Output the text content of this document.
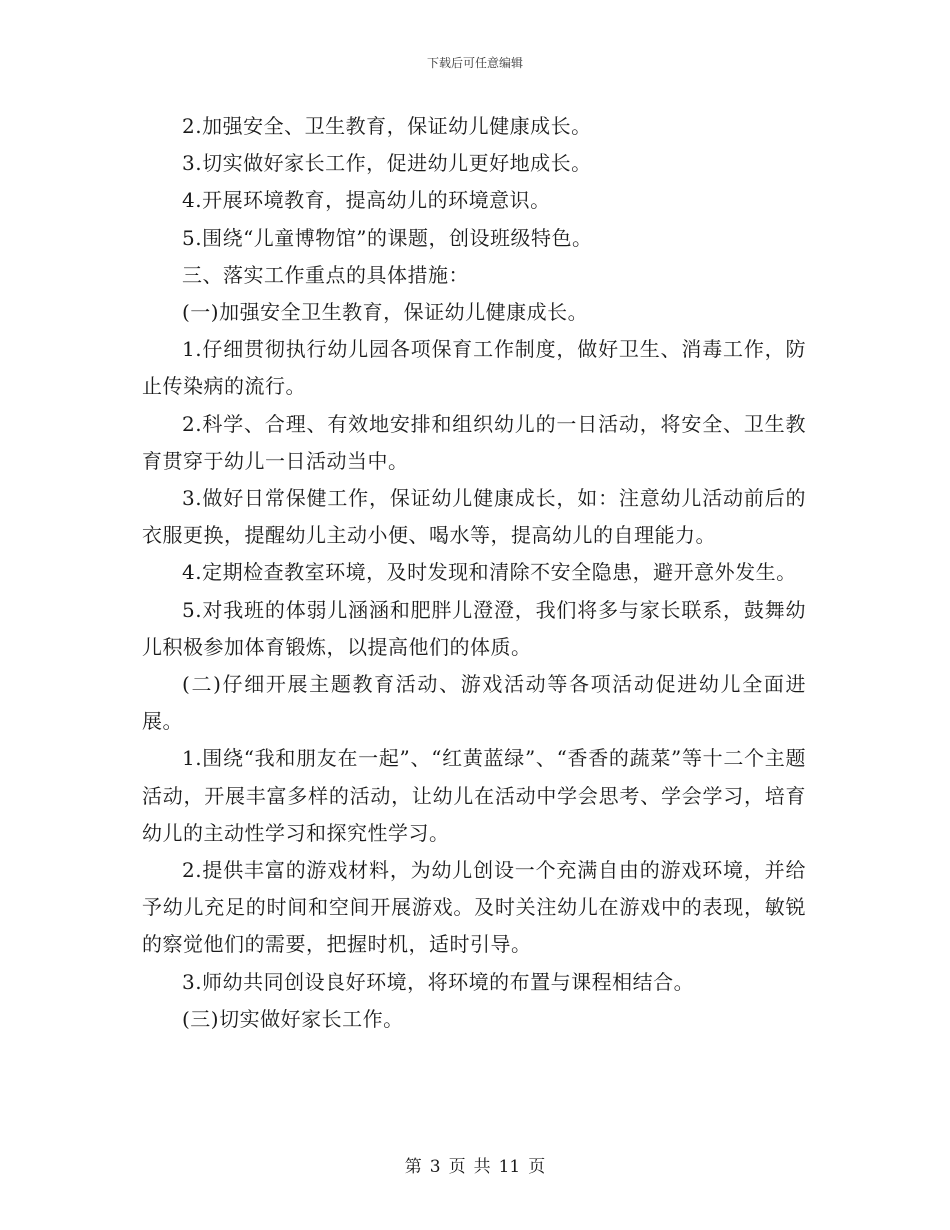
下载后可任意编辑

2.加强安全、卫生教育，保证幼儿健康成长。

3.切实做好家长工作，促进幼儿更好地成长。

4.开展环境教育，提高幼儿的环境意识。

5.围绕“儿童博物馆”的课题，创设班级特色。

三、落实工作重点的具体措施：

(一)加强安全卫生教育，保证幼儿健康成长。

1.仔细贯彻执行幼儿园各项保育工作制度，做好卫生、消毒工作，防止传染病的流行。

2.科学、合理、有效地安排和组织幼儿的一日活动，将安全、卫生教育贯穿于幼儿一日活动当中。

3.做好日常保健工作，保证幼儿健康成长，如：注意幼儿活动前后的衣服更换，提醒幼儿主动小便、喝水等，提高幼儿的自理能力。

4.定期检查教室环境，及时发现和清除不安全隐患，避开意外发生。

5.对我班的体弱儿涵涵和肥胖儿澄澄，我们将多与家长联系，鼓舞幼儿积极参加体育锻炼，以提高他们的体质。

(二)仔细开展主题教育活动、游戏活动等各项活动促进幼儿全面进展。

1.围绕“我和朋友在一起”、“红黄蓝绿”、“香香的蔬菜”等十二个主题活动，开展丰富多样的活动，让幼儿在活动中学会思考、学会学习，培育幼儿的主动性学习和探究性学习。

2.提供丰富的游戏材料，为幼儿创设一个充满自由的游戏环境，并给予幼儿充足的时间和空间开展游戏。及时关注幼儿在游戏中的表现，敏锐的察觉他们的需要，把握时机，适时引导。

3.师幼共同创设良好环境，将环境的布置与课程相结合。

(三)切实做好家长工作。

第 3 页 共 11 页
